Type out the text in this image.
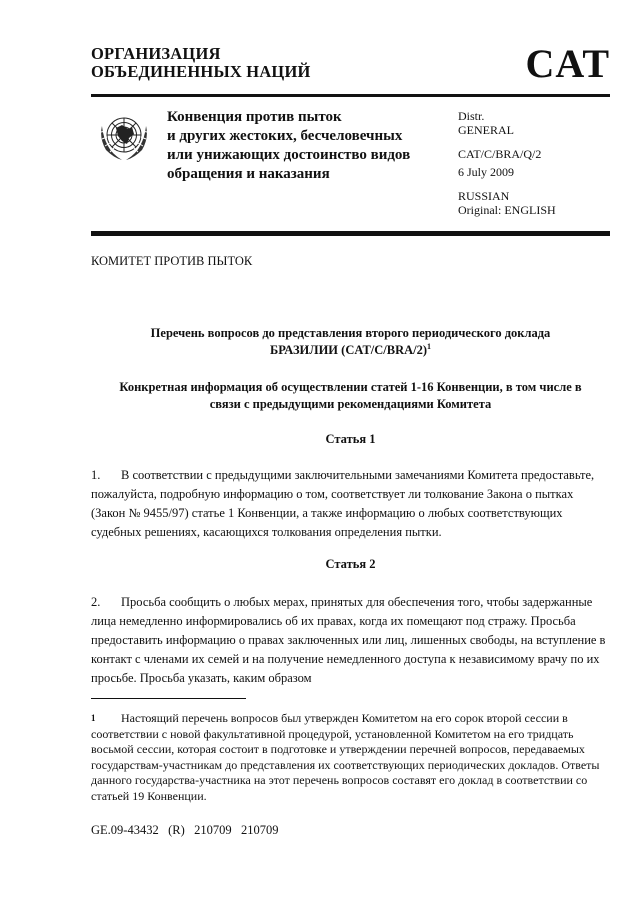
ОРГАНИЗАЦИЯ
ОБЪЕДИНЕННЫХ НАЦИЙ	CAT
Конвенция против пыток
и других жестоких, бесчеловечных
или унижающих достоинство видов
обращения и наказания
Distr.
GENERAL
CAT/C/BRA/Q/2
6 July 2009
RUSSIAN
Original: ENGLISH
КОМИТЕТ ПРОТИВ ПЫТОК
Перечень вопросов до представления второго периодического доклада
БРАЗИЛИИ $(CAT/C/BRA/2)^1$
Конкретная информация об осуществлении статей 1-16 Конвенции, в том числе в
связи с предыдущими рекомендациями Комитета
Статья 1
1. В соответствии с предыдущими заключительными замечаниями Комитета предоставьте, пожалуйста, подробную информацию о том, соответствует ли толкование Закона о пытках (Закон № 9455/97) статье 1 Конвенции, а также информацию о любых соответствующих судебных решениях, касающихся толкования определения пытки.
Статья 2
2. Просьба сообщить о любых мерах, принятых для обеспечения того, чтобы задержанные лица немедленно информировались об их правах, когда их помещают под стражу. Просьба предоставить информацию о правах заключенных или лиц, лишенных свободы, на вступление в контакт с членами их семей и на получение немедленного доступа к независимому врачу по их просьбе. Просьба указать, каким образом
1 Настоящий перечень вопросов был утвержден Комитетом на его сорок второй сессии в соответствии с новой факультативной процедурой, установленной Комитетом на его тридцать восьмой сессии, которая состоит в подготовке и утверждении перечней вопросов, передаваемых государствам-участникам до представления их соответствующих периодических докладов. Ответы данного государства-участника на этот перечень вопросов составят его доклад в соответствии со статьей 19 Конвенции.
GE.09-43432   (R)   210709   210709
